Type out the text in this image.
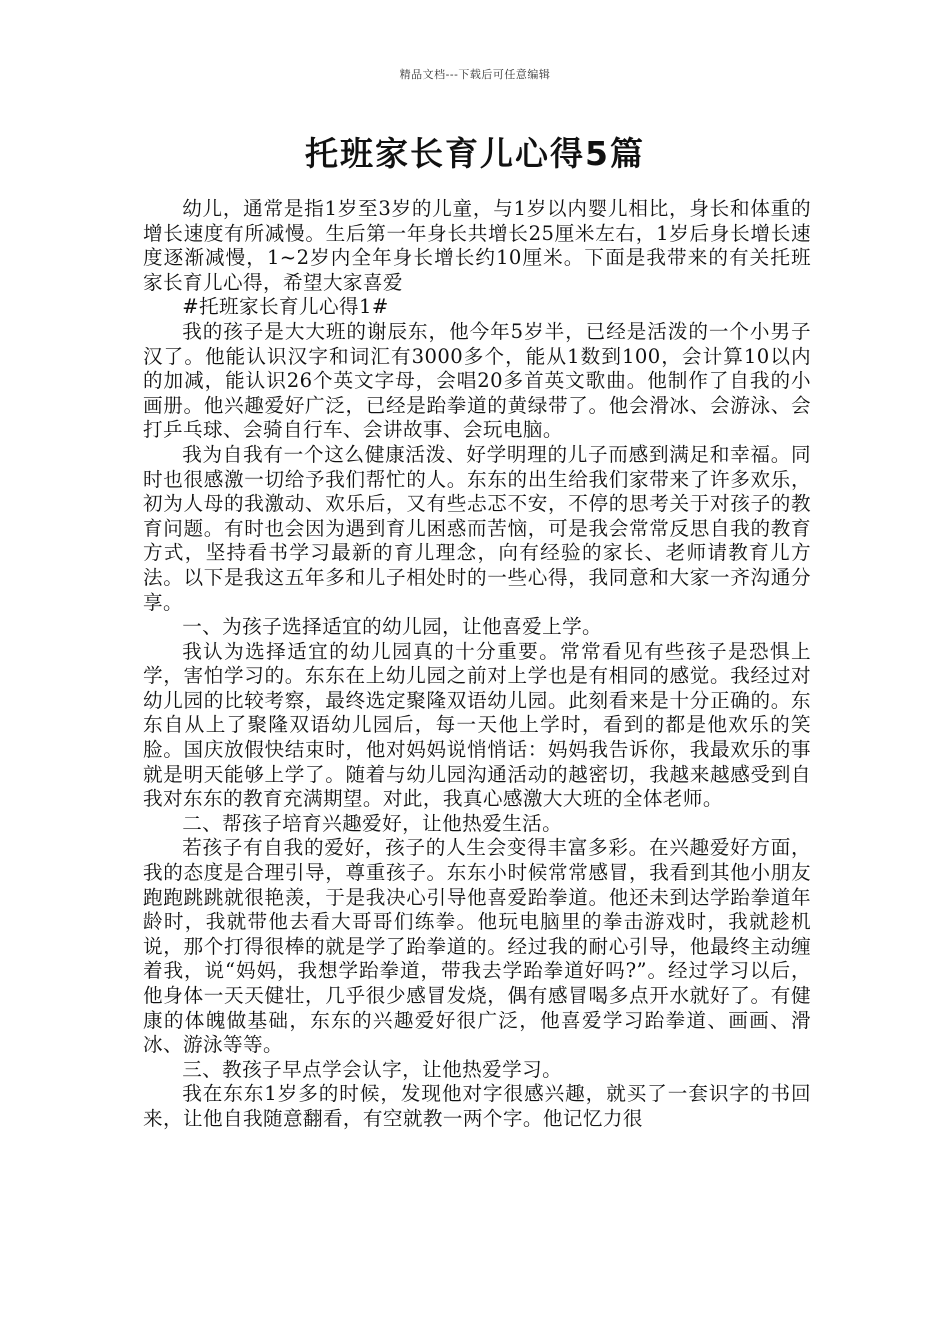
精品文档---下载后可任意编辑
托班家长育儿心得5篇

幼儿，通常是指1岁至3岁的儿童，与1岁以内婴儿相比，身长和体重的增长速度有所减慢。生后第一年身长共增长25厘米左右，1岁后身长增长速度逐渐减慢，1~2岁内全年身长增长约10厘米。下面是我带来的有关托班家长育儿心得，希望大家喜爱

#托班家长育儿心得1#

我的孩子是大大班的谢辰东，他今年5岁半，已经是活泼的一个小男子汉了。他能认识汉字和词汇有3000多个，能从1数到100，会计算10以内的加减，能认识26个英文字母，会唱20多首英文歌曲。他制作了自我的小画册。他兴趣爱好广泛，已经是跆拳道的黄绿带了。他会滑冰、会游泳、会打乒乓球、会骑自行车、会讲故事、会玩电脑。

我为自我有一个这么健康活泼、好学明理的儿子而感到满足和幸福。同时也很感激一切给予我们帮忙的人。东东的出生给我们家带来了许多欢乐，初为人母的我激动、欢乐后，又有些忐忑不安，不停的思考关于对孩子的教育问题。有时也会因为遇到育儿困惑而苦恼，可是我会常常反思自我的教育方式，坚持看书学习最新的育儿理念，向有经验的家长、老师请教育儿方法。以下是我这五年多和儿子相处时的一些心得，我同意和大家一齐沟通分享。

一、为孩子选择适宜的幼儿园，让他喜爱上学。

我认为选择适宜的幼儿园真的十分重要。常常看见有些孩子是恐惧上学，害怕学习的。东东在上幼儿园之前对上学也是有相同的感觉。我经过对幼儿园的比较考察，最终选定聚隆双语幼儿园。此刻看来是十分正确的。东东自从上了聚隆双语幼儿园后，每一天他上学时，看到的都是他欢乐的笑脸。国庆放假快结束时，他对妈妈说悄悄话：妈妈我告诉你，我最欢乐的事就是明天能够上学了。随着与幼儿园沟通活动的越密切，我越来越感受到自我对东东的教育充满期望。对此，我真心感激大大班的全体老师。

二、帮孩子培育兴趣爱好，让他热爱生活。

若孩子有自我的爱好，孩子的人生会变得丰富多彩。在兴趣爱好方面，我的态度是合理引导，尊重孩子。东东小时候常常感冒，我看到其他小朋友跑跑跳跳就很艳羡，于是我决心引导他喜爱跆拳道。他还未到达学跆拳道年龄时，我就带他去看大哥哥们练拳。他玩电脑里的拳击游戏时，我就趁机说，那个打得很棒的就是学了跆拳道的。经过我的耐心引导，他最终主动缠着我，说“妈妈，我想学跆拳道，带我去学跆拳道好吗?”。经过学习以后，他身体一天天健壮，几乎很少感冒发烧，偶有感冒喝多点开水就好了。有健康的体魄做基础，东东的兴趣爱好很广泛，他喜爱学习跆拳道、画画、滑冰、游泳等等。

三、教孩子早点学会认字，让他热爱学习。

我在东东1岁多的时候，发现他对字很感兴趣，就买了一套识字的书回来，让他自我随意翻看，有空就教一两个字。他记忆力很
